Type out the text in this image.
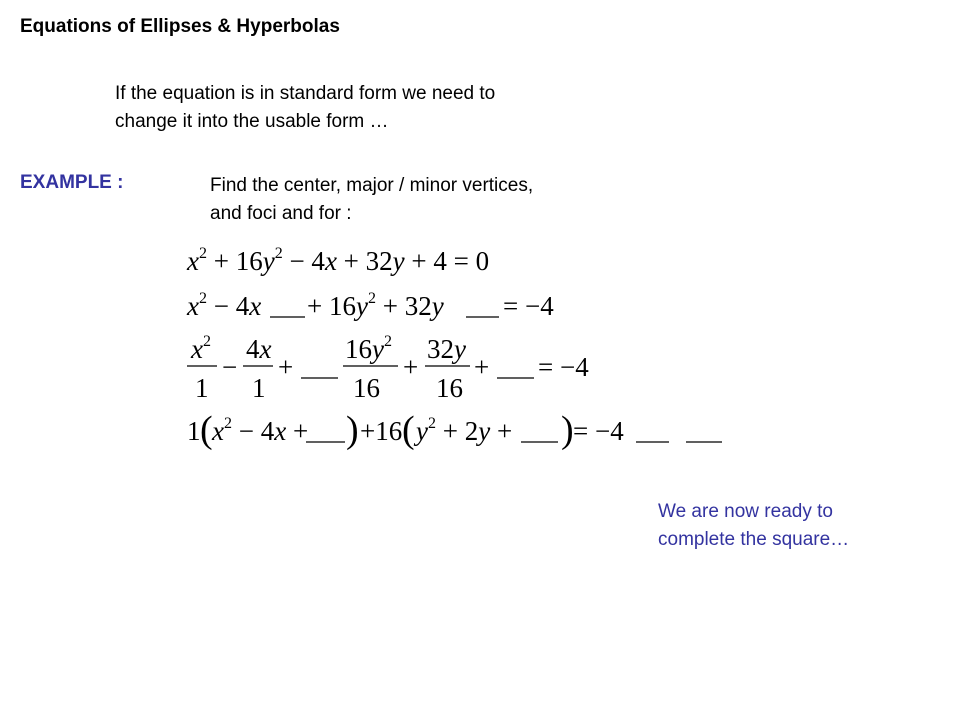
Equations of Ellipses & Hyperbolas
If the equation is in standard form we need to
change it into the usable form …
EXAMPLE :	Find the center, major / minor vertices,
and foci and for :
$x^2 + 16y^2 - 4x + 32y + 4 = 0$
$x^2 - 4x + 16y^2 + 32y = -4$
$x^2$
1
−
4x
1
+
$16y^2$
16
+
32y
16
+ = −4
1 ( $x^2 - 4x$ + ) +16 ( $y^2 + 2y$ + ) = −4
We are now ready to
complete the square…
